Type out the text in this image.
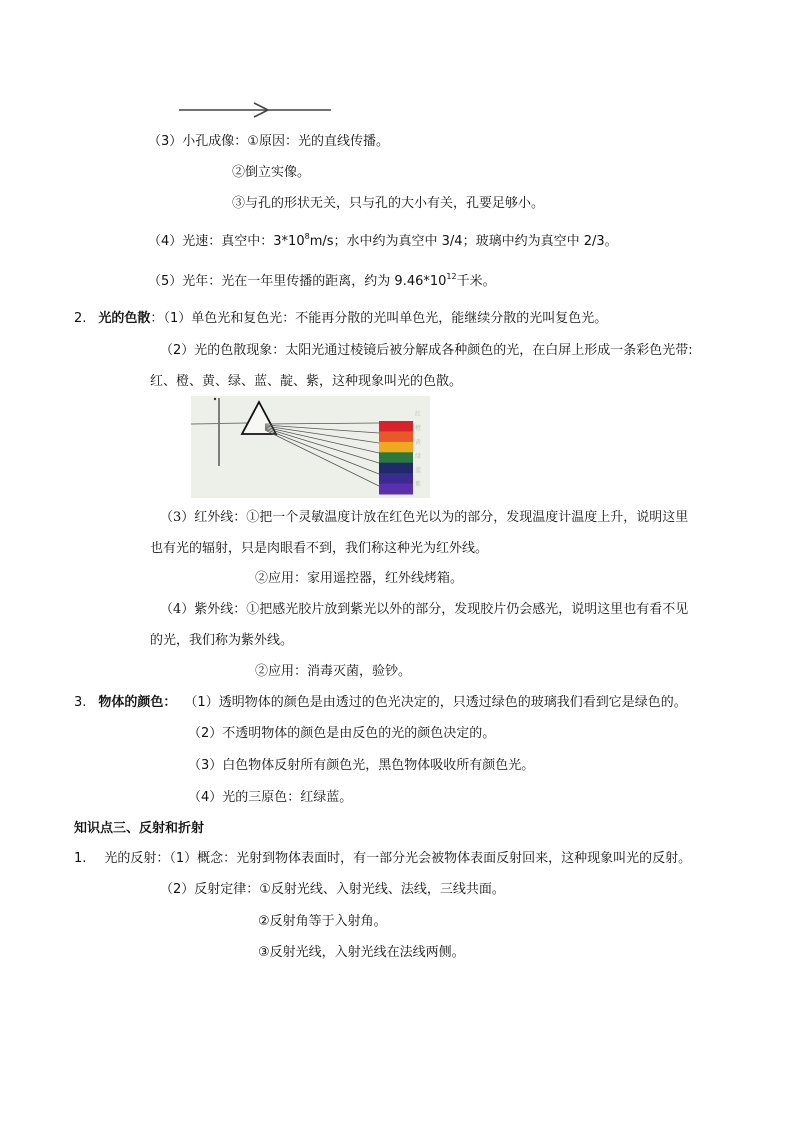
（3）小孔成像：①原因：光的直线传播。
②倒立实像。
③与孔的形状无关，只与孔的大小有关，孔要足够小。
（4）光速：真空中：$3*10^8m/s$；水中约为真空中 3/4；玻璃中约为真空中 2/3。
（5）光年：光在一年里传播的距离，约为 $9.46*10^{12}$千米。
2. 光的色散：（1）单色光和复色光：不能再分散的光叫单色光，能继续分散的光叫复色光。
（2）光的色散现象：太阳光通过棱镜后被分解成各种颜色的光，在白屏上形成一条彩色光带:
红、橙、黄、绿、蓝、靛、紫，这种现象叫光的色散。
红
橙
黄
绿
蓝
紫
（3）红外线：①把一个灵敏温度计放在红色光以为的部分，发现温度计温度上升，说明这里
也有光的辐射，只是肉眼看不到，我们称这种光为红外线。
②应用：家用遥控器，红外线烤箱。
（4）紫外线：①把感光胶片放到紫光以外的部分，发现胶片仍会感光，说明这里也有看不见
的光，我们称为紫外线。
②应用：消毒灭菌，验钞。
3. 物体的颜色： （1）透明物体的颜色是由透过的色光决定的，只透过绿色的玻璃我们看到它是绿色的。
（2）不透明物体的颜色是由反色的光的颜色决定的。
（3）白色物体反射所有颜色光，黑色物体吸收所有颜色光。
（4）光的三原色：红绿蓝。
知识点三、反射和折射
1. 光的反射：（1）概念：光射到物体表面时，有一部分光会被物体表面反射回来，这种现象叫光的反射。
（2）反射定律：①反射光线、入射光线、法线，三线共面。
②反射角等于入射角。
③反射光线，入射光线在法线两侧。
